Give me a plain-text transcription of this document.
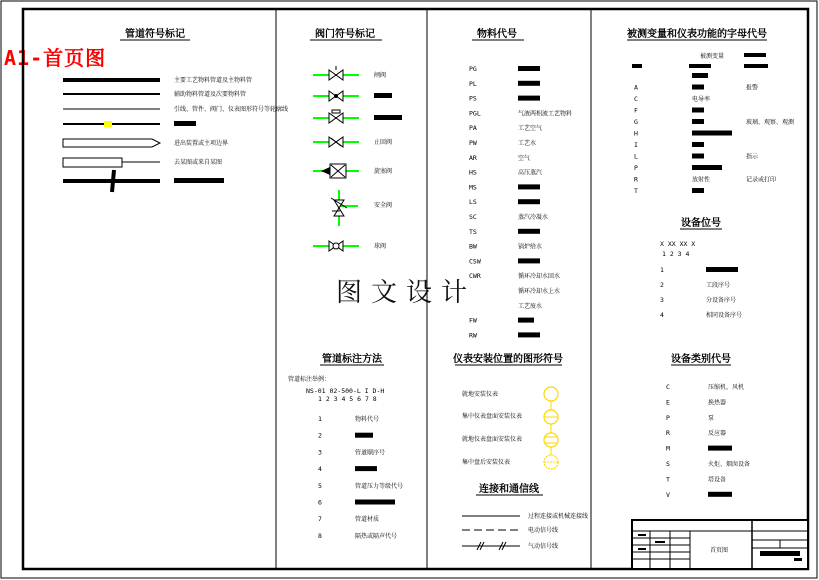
A1-首页图
图文设计
管道符号标记	阀门符号标记	物料代号	被测变量和仪表功能的字母代号
设备位号
管道标注方法	仪表安装位置的图形符号	设备类别代号
连接和通信线
主要工艺物料管道及主物料管
辅助物料管道及次要物料管
引线、管件、阀门、仪表图形符号等轮廓线
进出装置或主项边界
去某图或来自某图
闸阀
止回阀
旋塞阀
安全阀
球阀
PG
PL
PS
PGL	气液两相流工艺物料
PA	工艺空气
PW	工艺水
AR	空气
HS	高压蒸汽
MS
LS
SC	蒸汽冷凝水
TS
BW	锅炉给水
CSW
CWR	循环冷却水回水
循环冷却水上水
工艺废水
FW
RW
被测变量
A	报警
C	电导率
F
G	玻璃、观察、观测
H
I
L	指示
P
R	放射性	记录或打印
T
X XX XX X
1 2 3 4
1
2	工段序号
3	分设备序号
4	相同设备序号
管道标注举例：
NS-01 02-500-L I D-H
1 2 3 4 5 6 7 8
1	物料代号
2
3	管道顺序号
4
5	管道压力等级代号
6
7	管道材质
8	隔热或隔声代号
就地安装仪表
集中仪表盘面安装仪表
就地仪表盘面安装仪表
集中盘后安装仪表
过程连接或机械连接线
电动信号线
气动信号线
C	压缩机、风机
E	换热器
P	泵
R	反应器
M
S	火炬、烟囱设备
T	塔设备
V
首页图
